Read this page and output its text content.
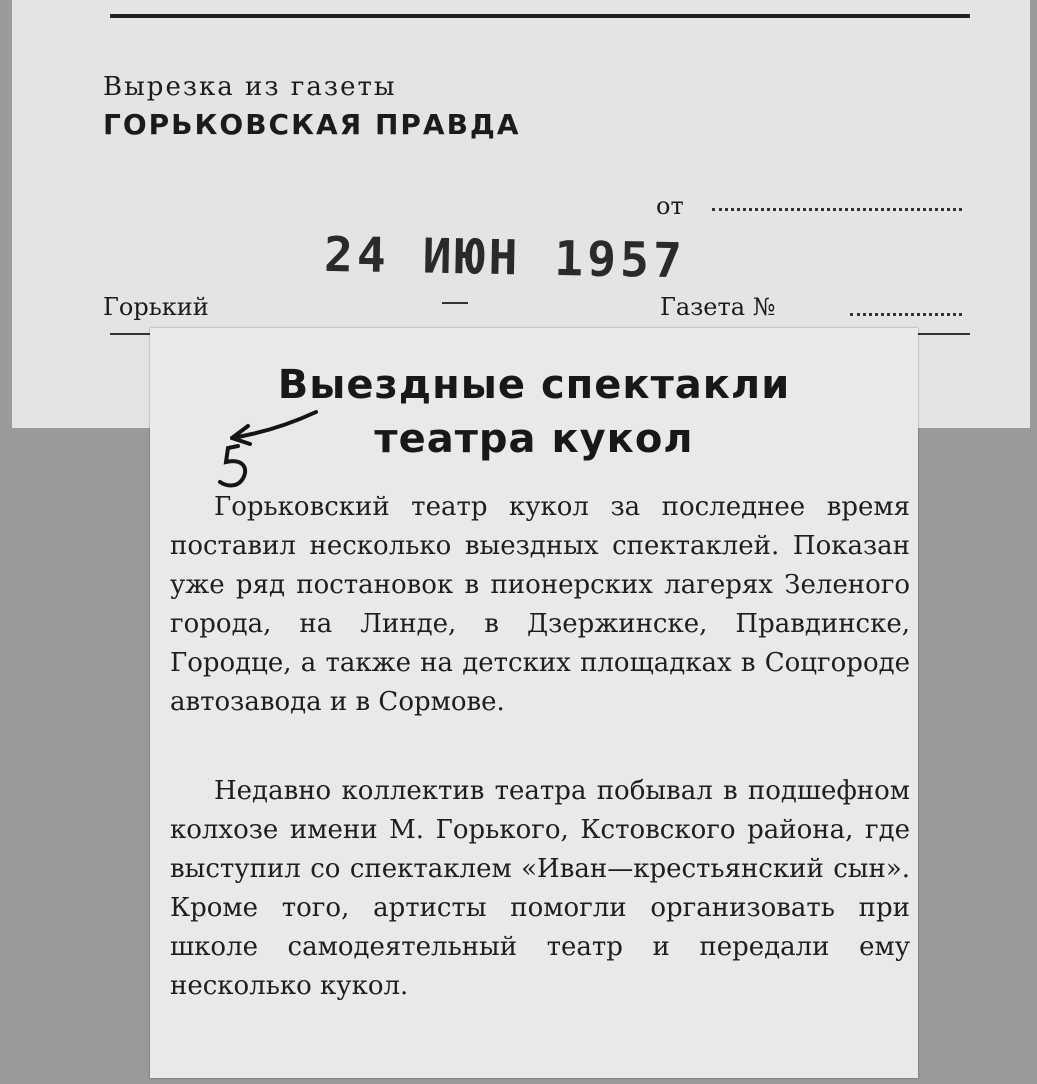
Вырезка из газеты

ГОРЬКОВСКАЯ ПРАВДА

от

24 ИЮН 1957

Горький	Газета №

Выездные спектакли
театра кукол

Горьковский театр кукол за последнее время поставил несколько выездных спектаклей. Показан уже ряд постановок в пионерских лагерях Зеленого города, на Линде, в Дзержинске, Правдинске, Городце, а также на детских площадках в Соцгороде автозавода и в Сормове.

Недавно коллектив театра побывал в подшефном колхозе имени М. Горького, Кстовского района, где выступил со спектаклем «Иван—крестьянский сын». Кроме того, артисты помогли организовать при школе самодеятельный театр и передали ему несколько кукол.
